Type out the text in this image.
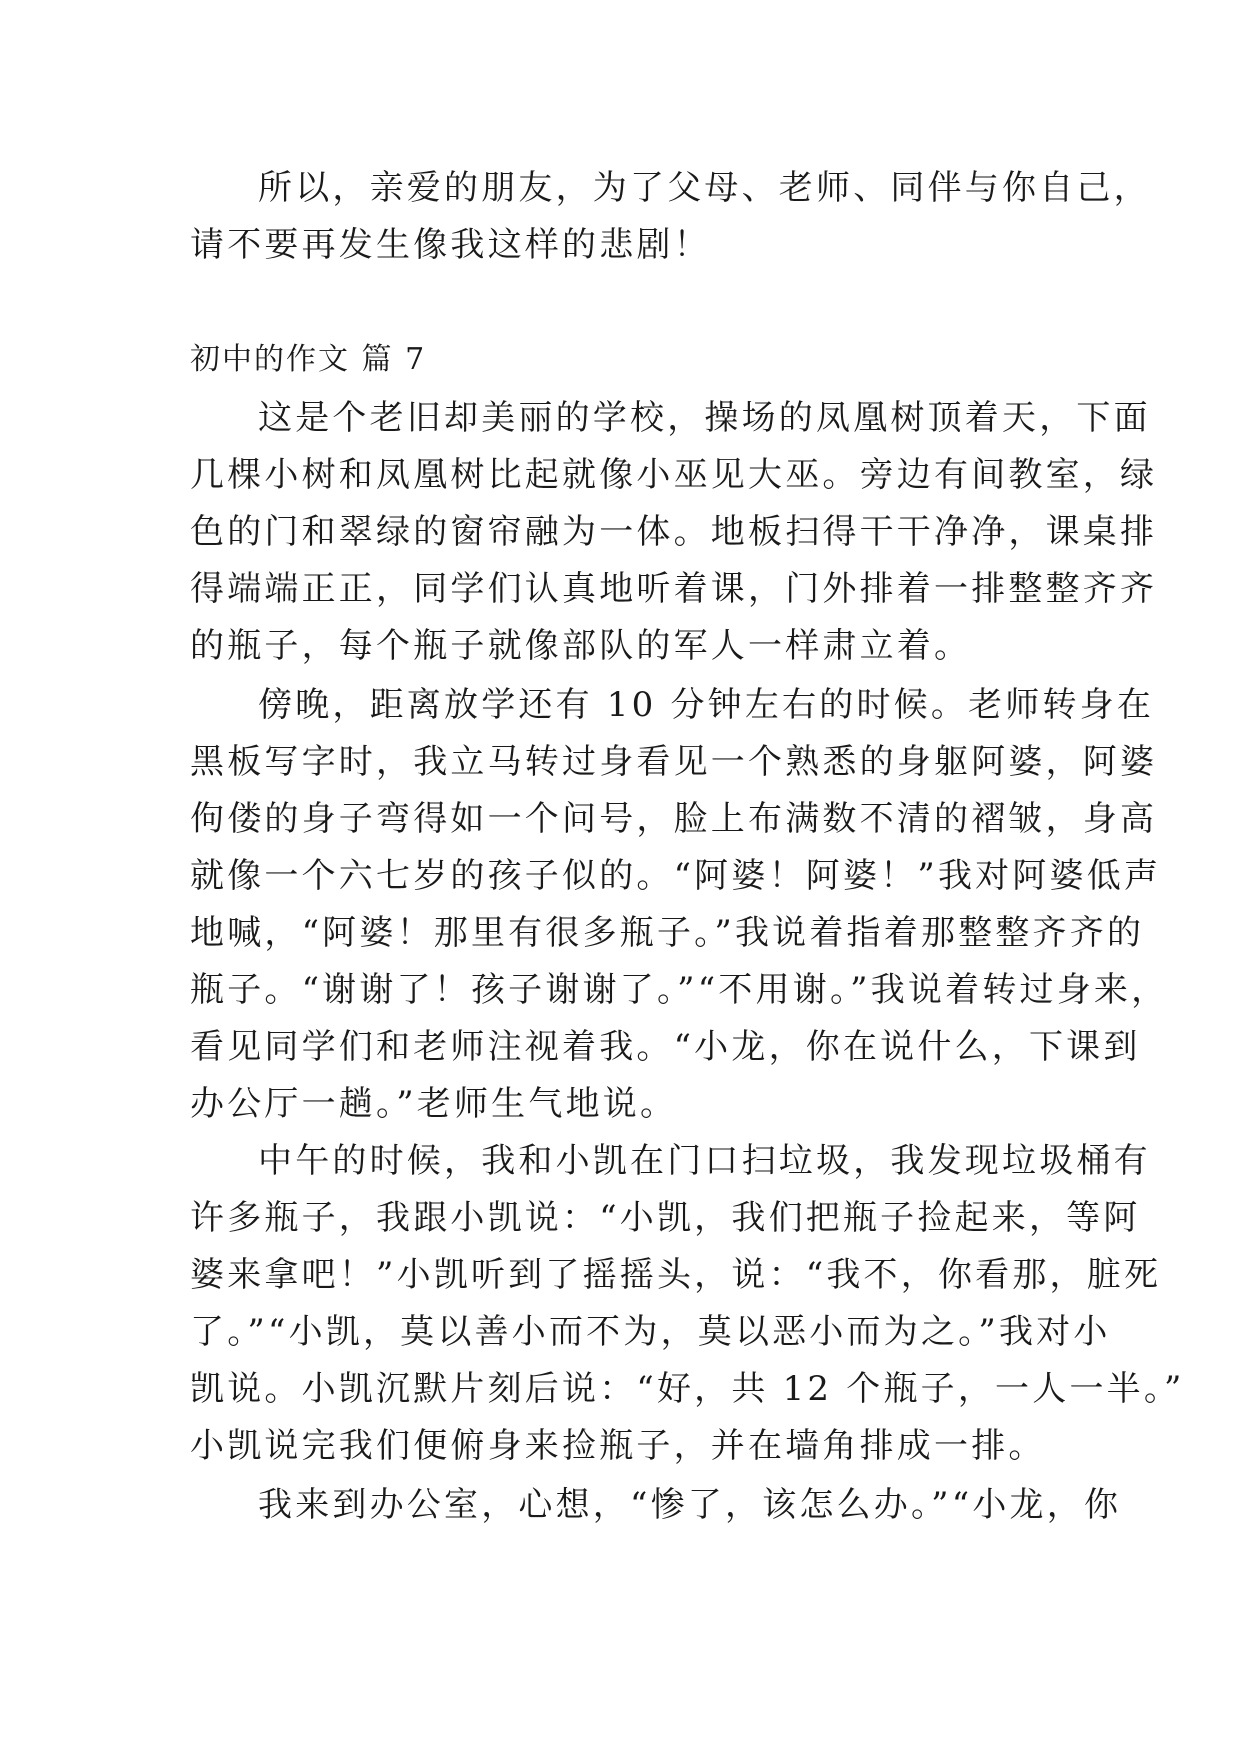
所以，亲爱的朋友，为了父母、老师、同伴与你自己，
请不要再发生像我这样的悲剧！
初中的作文 篇 7
这是个老旧却美丽的学校，操场的凤凰树顶着天，下面
几棵小树和凤凰树比起就像小巫见大巫。旁边有间教室，绿
色的门和翠绿的窗帘融为一体。地板扫得干干净净，课桌排
得端端正正，同学们认真地听着课，门外排着一排整整齐齐
的瓶子，每个瓶子就像部队的军人一样肃立着。
傍晚，距离放学还有 10 分钟左右的时候。老师转身在
黑板写字时，我立马转过身看见一个熟悉的身躯阿婆，阿婆
佝偻的身子弯得如一个问号，脸上布满数不清的褶皱，身高
就像一个六七岁的孩子似的。“阿婆！阿婆！”我对阿婆低声
地喊，“阿婆！那里有很多瓶子。”我说着指着那整整齐齐的
瓶子。“谢谢了！孩子谢谢了。”“不用谢。”我说着转过身来，
看见同学们和老师注视着我。“小龙，你在说什么，下课到
办公厅一趟。”老师生气地说。
中午的时候，我和小凯在门口扫垃圾，我发现垃圾桶有
许多瓶子，我跟小凯说：“小凯，我们把瓶子捡起来，等阿
婆来拿吧！”小凯听到了摇摇头，说：“我不，你看那，脏死
了。”“小凯，莫以善小而不为，莫以恶小而为之。”我对小
凯说。小凯沉默片刻后说：“好，共 12 个瓶子，一人一半。”
小凯说完我们便俯身来捡瓶子，并在墙角排成一排。
我来到办公室，心想，“惨了，该怎么办。”“小龙，你
